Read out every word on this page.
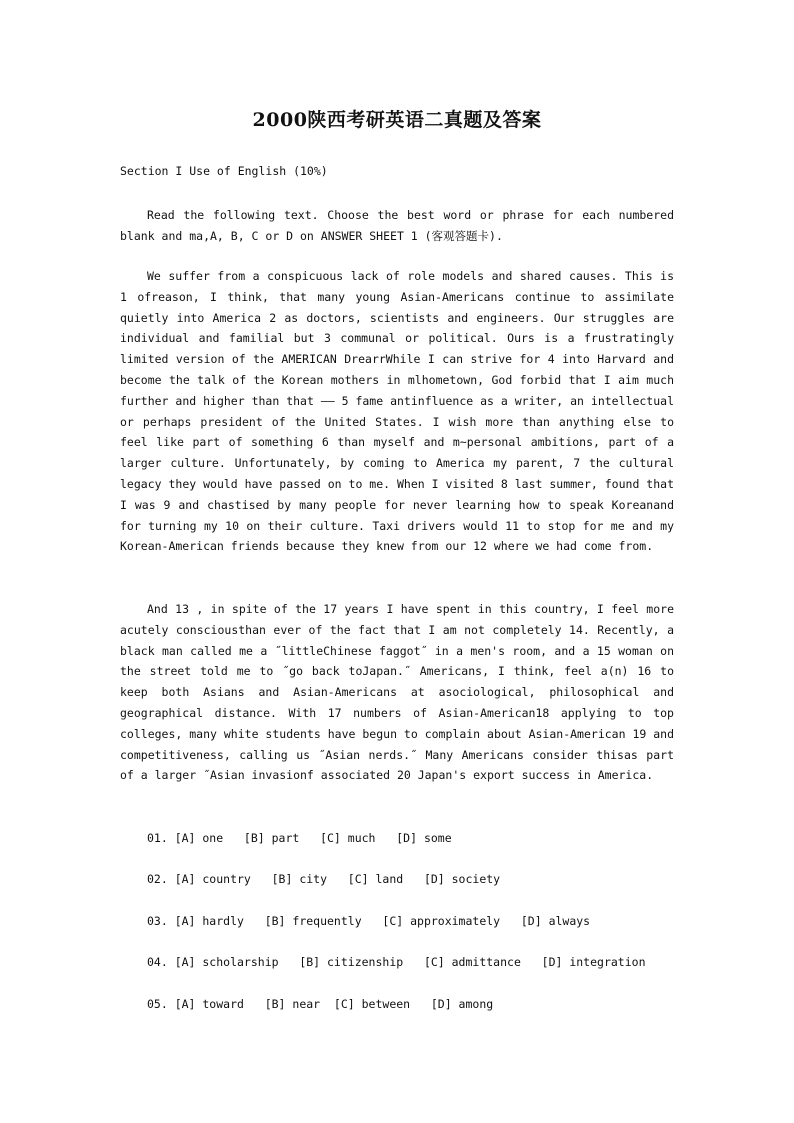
2000陕西考研英语二真题及答案
Section I Use of English (10%)

Read the following text. Choose the best word or phrase for each numbered blank and ma,A, B, C or D on ANSWER SHEET 1 (客观答题卡).

We suffer from a conspicuous lack of role models and shared causes. This is 1 ofreason, I think, that many young Asian-Americans continue to assimilate quietly into America 2 as doctors, scientists and engineers. Our struggles are individual and familial but 3 communal or political. Ours is a frustratingly limited version of the AMERICAN DrearrWhile I can strive for 4 into Harvard and become the talk of the Korean mothers in mlhometown, God forbid that I aim much further and higher than that —— 5 fame antinfluence as a writer, an intellectual or perhaps president of the United States. I wish more than anything else to feel like part of something 6 than myself and m~personal ambitions, part of a larger culture. Unfortunately, by coming to America my parent, 7 the cultural legacy they would have passed on to me. When I visited 8 last summer, found that I was 9 and chastised by many people for never learning how to speak Koreanand for turning my 10 on their culture. Taxi drivers would 11 to stop for me and my Korean-American friends because they knew from our 12 where we had come from.

And 13 , in spite of the 17 years I have spent in this country, I feel more acutely consciousthan ever of the fact that I am not completely 14. Recently, a black man called me a ˝littleChinese faggot˝ in a men's room, and a 15 woman on the street told me to ˝go back toJapan.˝ Americans, I think, feel a(n) 16 to keep both Asians and Asian-Americans at asociological, philosophical and geographical distance. With 17 numbers of Asian-American18 applying to top colleges, many white students have begun to complain about Asian-American 19 and competitiveness, calling us ˝Asian nerds.˝ Many Americans consider thisas part of a larger ˝Asian invasionf associated 20 Japan's export success in America.

01. [A] one   [B] part   [C] much   [D] some
02. [A] country   [B] city   [C] land   [D] society
03. [A] hardly   [B] frequently   [C] approximately   [D] always
04. [A] scholarship   [B] citizenship   [C] admittance   [D] integration
05. [A] toward   [B] near  [C] between   [D] among
